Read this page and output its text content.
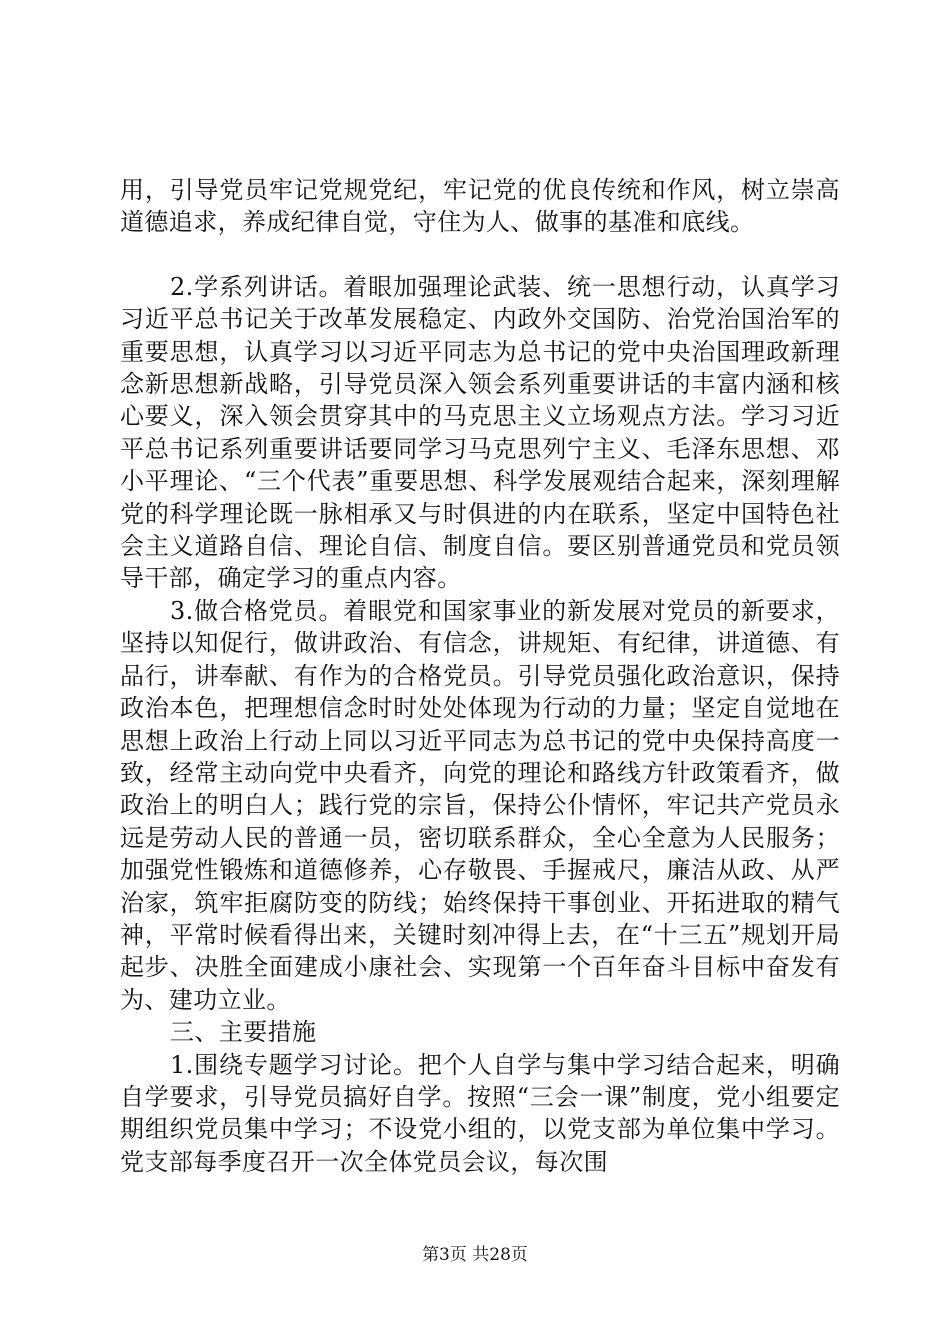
用，引导党员牢记党规党纪，牢记党的优良传统和作风，树立崇高道德追求，养成纪律自觉，守住为人、做事的基准和底线。

2.学系列讲话。着眼加强理论武装、统一思想行动，认真学习习近平总书记关于改革发展稳定、内政外交国防、治党治国治军的重要思想，认真学习以习近平同志为总书记的党中央治国理政新理念新思想新战略，引导党员深入领会系列重要讲话的丰富内涵和核心要义，深入领会贯穿其中的马克思主义立场观点方法。学习习近平总书记系列重要讲话要同学习马克思列宁主义、毛泽东思想、邓小平理论、“三个代表”重要思想、科学发展观结合起来，深刻理解党的科学理论既一脉相承又与时俱进的内在联系，坚定中国特色社会主义道路自信、理论自信、制度自信。要区别普通党员和党员领导干部，确定学习的重点内容。

3.做合格党员。着眼党和国家事业的新发展对党员的新要求，坚持以知促行，做讲政治、有信念，讲规矩、有纪律，讲道德、有品行，讲奉献、有作为的合格党员。引导党员强化政治意识，保持政治本色，把理想信念时时处处体现为行动的力量；坚定自觉地在思想上政治上行动上同以习近平同志为总书记的党中央保持高度一致，经常主动向党中央看齐，向党的理论和路线方针政策看齐，做政治上的明白人；践行党的宗旨，保持公仆情怀，牢记共产党员永远是劳动人民的普通一员，密切联系群众，全心全意为人民服务；加强党性锻炼和道德修养，心存敬畏、手握戒尺，廉洁从政、从严治家，筑牢拒腐防变的防线；始终保持干事创业、开拓进取的精气神，平常时候看得出来，关键时刻冲得上去，在“十三五”规划开局起步、决胜全面建成小康社会、实现第一个百年奋斗目标中奋发有为、建功立业。

三、主要措施

1.围绕专题学习讨论。把个人自学与集中学习结合起来，明确自学要求，引导党员搞好自学。按照“三会一课”制度，党小组要定期组织党员集中学习；不设党小组的，以党支部为单位集中学习。党支部每季度召开一次全体党员会议，每次围

第3页 共28页
